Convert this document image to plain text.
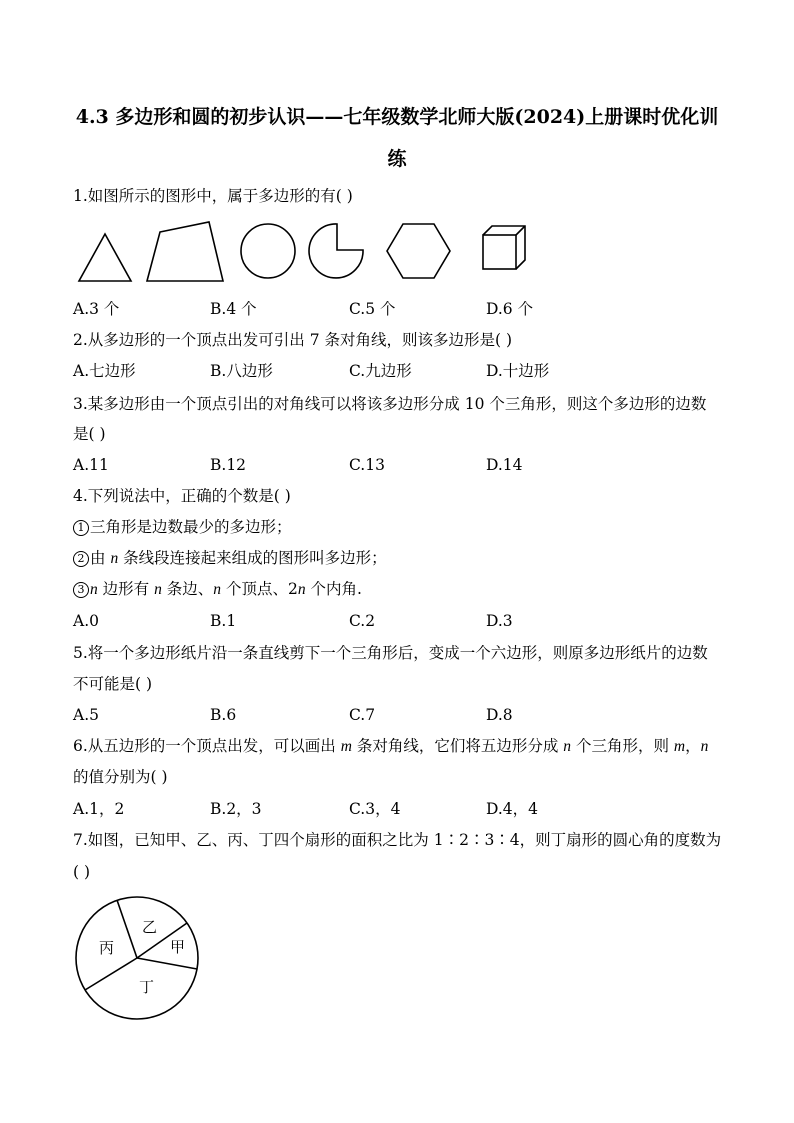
4.3 多边形和圆的初步认识——七年级数学北师大版(2024)上册课时优化训
练
1.如图所示的图形中，属于多边形的有( )
A.3 个	B.4 个	C.5 个	D.6 个
2.从多边形的一个顶点出发可引出 7 条对角线，则该多边形是( )
A.七边形	B.八边形	C.九边形	D.十边形
3.某多边形由一个顶点引出的对角线可以将该多边形分成 10 个三角形，则这个多边形的边数
是( )
A.11	B.12	C.13	D.14
4.下列说法中，正确的个数是( )
1 三角形是边数最少的多边形；
2 由 n 条线段连接起来组成的图形叫多边形；
3 n 边形有 n 条边、n 个顶点、2n 个内角.
A.0	B.1	C.2	D.3
5.将一个多边形纸片沿一条直线剪下一个三角形后，变成一个六边形，则原多边形纸片的边数
不可能是( )
A.5	B.6	C.7	D.8
6.从五边形的一个顶点出发，可以画出 m 条对角线，它们将五边形分成 n 个三角形，则 m，n
的值分别为( )
A.1，2	B.2，3	C.3，4	D.4，4
7.如图，已知甲、乙、丙、丁四个扇形的面积之比为 1∶2∶3∶4，则丁扇形的圆心角的度数为
( )
甲
乙
丙
丁
